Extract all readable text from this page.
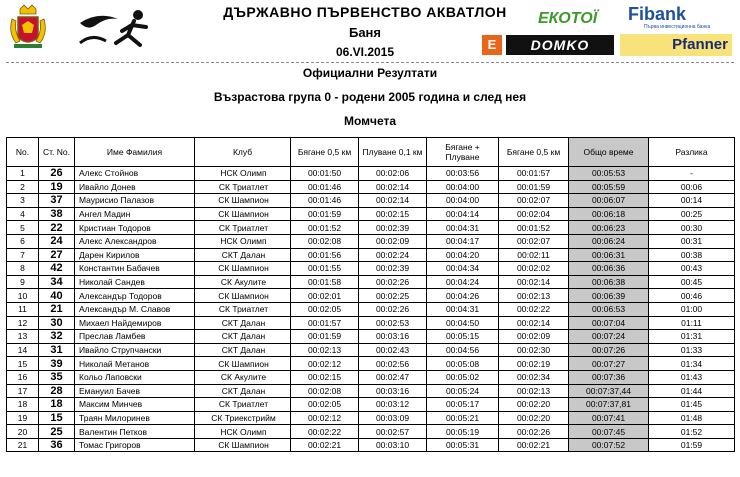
ДЪРЖАВНО ПЪРВЕНСТВО АКВАТЛОН
Баня
06.VI.2015
ЕКОТОЇ Fibank
Първа инвестиционна банка
Е	DOMKO	Pfanner
Официални Резултати
Възрастова група 0 - родени 2005 година и след нея
Момчета
No.	Ст. No.	Име Фамилия	Клуб	Бягане 0,5 км	Плуване 0,1 км	Бягане + Плуване	Бягане 0,5 км	Общо време	Разлика
1	26	Алекс Стойнов	НСК Олимп	00:01:50	00:02:06	00:03:56	00:01:57	00:05:53	-
2	19	Ивайло Донев	СК Триатлет	00:01:46	00:02:14	00:04:00	00:01:59	00:05:59	00:06
3	37	Маурисио Палазов	СК Шампион	00:01:46	00:02:14	00:04:00	00:02:07	00:06:07	00:14
4	38	Ангел Мадин	СК Шампион	00:01:59	00:02:15	00:04:14	00:02:04	00:06:18	00:25
5	22	Кристиан Тодоров	СК Триатлет	00:01:52	00:02:39	00:04:31	00:01:52	00:06:23	00:30
6	24	Алекс Александров	НСК Олимп	00:02:08	00:02:09	00:04:17	00:02:07	00:06:24	00:31
7	27	Дарен Кирилов	СКТ Далан	00:01:56	00:02:24	00:04:20	00:02:11	00:06:31	00:38
8	42	Константин Бабачев	СК Шампион	00:01:55	00:02:39	00:04:34	00:02:02	00:06:36	00:43
9	34	Николай Сандев	СК Акулите	00:01:58	00:02:26	00:04:24	00:02:14	00:06:38	00:45
10	40	Александър Тодоров	СК Шампион	00:02:01	00:02:25	00:04:26	00:02:13	00:06:39	00:46
11	21	Александър М. Славов	СК Триатлет	00:02:05	00:02:26	00:04:31	00:02:22	00:06:53	01:00
12	30	Михаел Найдемиров	СКТ Далан	00:01:57	00:02:53	00:04:50	00:02:14	00:07:04	01:11
13	32	Преслав Ламбев	СКТ Далан	00:01:59	00:03:16	00:05:15	00:02:09	00:07:24	01:31
14	31	Ивайло Струпчански	СКТ Далан	00:02:13	00:02:43	00:04:56	00:02:30	00:07:26	01:33
15	39	Николай Метанов	СК Шампион	00:02:12	00:02:56	00:05:08	00:02:19	00:07:27	01:34
16	35	Кольо Лаповски	СК Акулите	00:02:15	00:02:47	00:05:02	00:02:34	00:07:36	01:43
17	28	Емануил Бачев	СКТ Далан	00:02:08	00:03:16	00:05:24	00:02:13	00:07:37,44	01:44
18	18	Максим Минчев	СК Триатлет	00:02:05	00:03:12	00:05:17	00:02:20	00:07:37,81	01:45
19	15	Траян Милоринев	СК Триекстрийм	00:02:12	00:03:09	00:05:21	00:02:20	00:07:41	01:48
20	25	Валентин Петков	НСК Олимп	00:02:22	00:02:57	00:05:19	00:02:26	00:07:45	01:52
21	36	Томас Григоров	СК Шампион	00:02:21	00:03:10	00:05:31	00:02:21	00:07:52	01:59
